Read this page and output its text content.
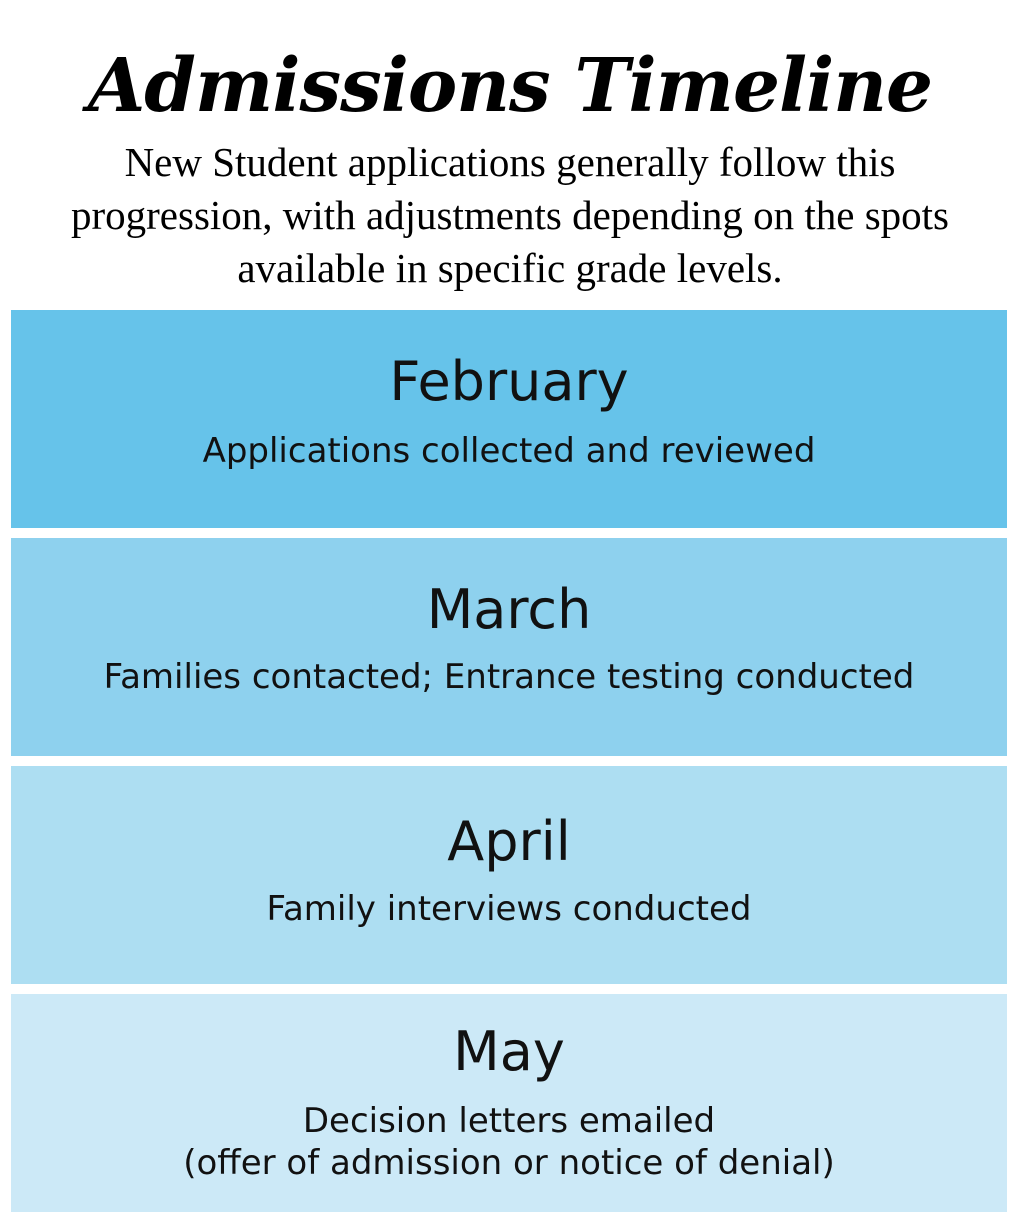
Admissions Timeline

New Student applications generally follow this progression, with adjustments depending on the spots available in specific grade levels.

February
Applications collected and reviewed
March
Families contacted; Entrance testing conducted
April
Family interviews conducted
May
Decision letters emailed
(offer of admission or notice of denial)
